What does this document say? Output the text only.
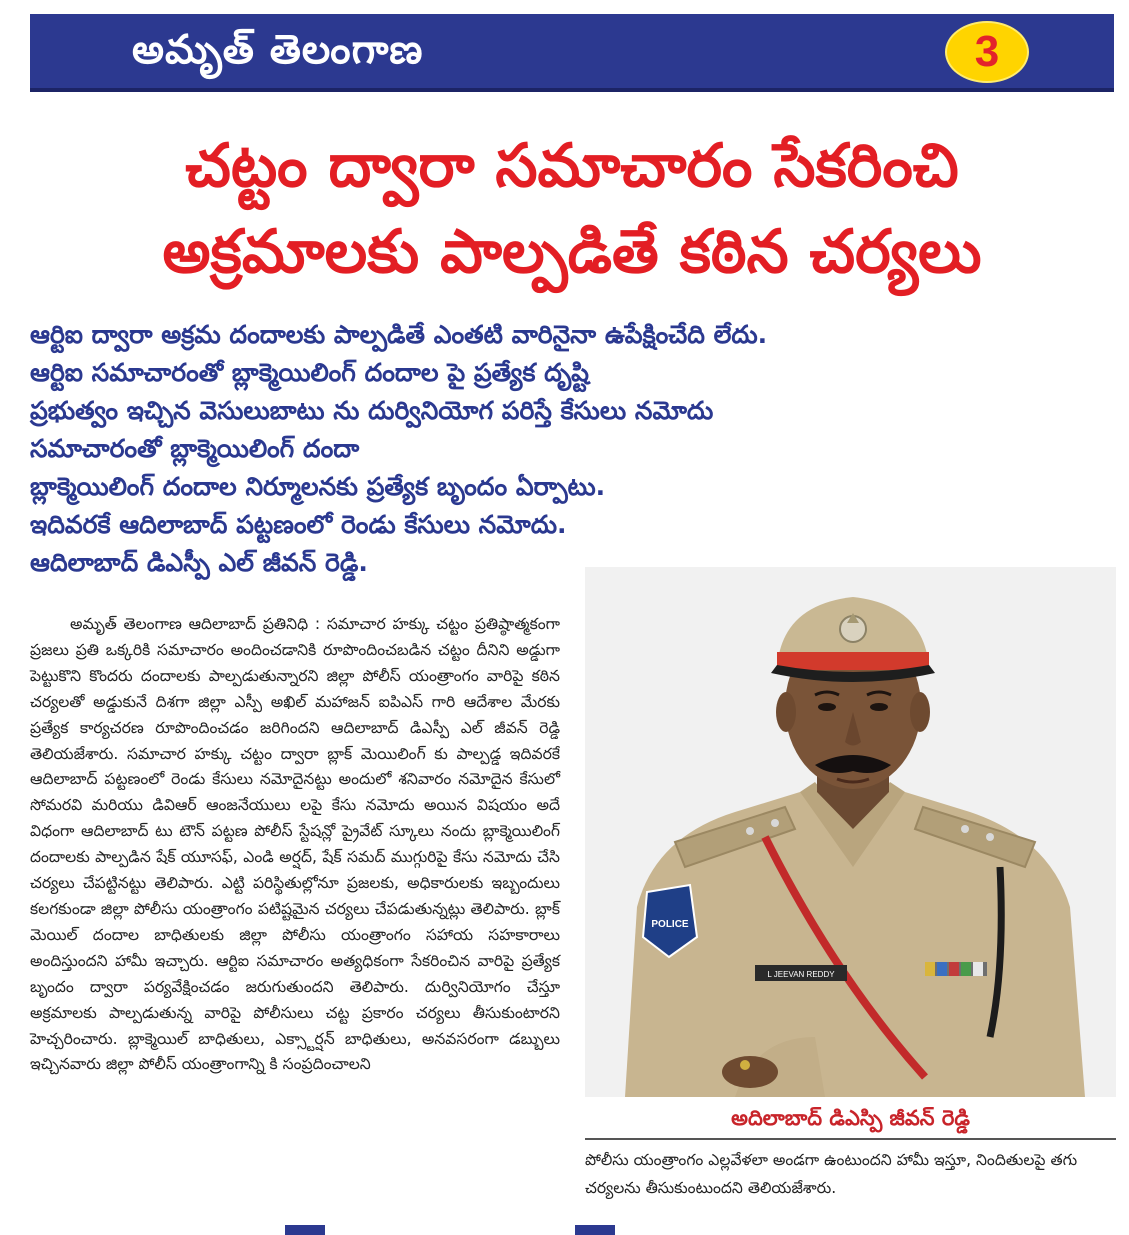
అమృత్ తెలంగాణ	3
చట్టం ద్వారా సమాచారం సేకరించి
అక్రమాలకు పాల్పడితే కఠిన చర్యలు
ఆర్టిఐ ద్వారా అక్రమ దందాలకు పాల్పడితే ఎంతటి వారినైనా ఉపేక్షించేది లేదు.
ఆర్టిఐ సమాచారంతో బ్లాక్మెయిలింగ్ దందాల పై ప్రత్యేక దృష్టి
ప్రభుత్వం ఇచ్చిన వెసులుబాటు ను దుర్వినియోగ పరిస్తే కేసులు నమోదు
సమాచారంతో బ్లాక్మెయిలింగ్ దందా
బ్లాక్మెయిలింగ్ దందాల నిర్మూలనకు ప్రత్యేక బృందం ఏర్పాటు.
ఇదివరకే ఆదిలాబాద్ పట్టణంలో రెండు కేసులు నమోదు.
ఆదిలాబాద్ డిఎస్పీ ఎల్ జీవన్ రెడ్డి.
అమృత్ తెలంగాణ ఆదిలాబాద్ ప్రతినిధి : సమాచార హక్కు చట్టం ప్రతిష్ఠాత్మకంగా ప్రజలు ప్రతి ఒక్కరికి సమాచారం అందించడానికి రూపొందించబడిన చట్టం దీనిని అడ్డుగా పెట్టుకొని కొందరు దందాలకు పాల్పడుతున్నారని జిల్లా పోలీస్ యంత్రాంగం వారిపై కఠిన చర్యలతో అడ్డుకునే దిశగా జిల్లా ఎస్పీ అఖిల్ మహాజన్ ఐపిఎస్ గారి ఆదేశాల మేరకు ప్రత్యేక కార్యచరణ రూపొందించడం జరిగిందని ఆదిలాబాద్ డిఎస్పీ ఎల్ జీవన్ రెడ్డి తెలియజేశారు. సమాచార హక్కు చట్టం ద్వారా బ్లాక్ మెయిలింగ్ కు పాల్పడ్డ ఇదివరకే ఆదిలాబాద్ పట్టణంలో రెండు కేసులు నమోదైనట్టు అందులో శనివారం నమోదైన కేసులో సోమరవి మరియు డివిఆర్ ఆంజనేయులు లపై కేసు నమోదు అయిన విషయం అదే విధంగా ఆదిలాబాద్ టు టౌన్ పట్టణ పోలీస్ స్టేషన్లో ప్రైవేట్ స్కూలు నందు బ్లాక్మెయిలింగ్ దందాలకు పాల్పడిన షేక్ యూసఫ్, ఎండి అర్షద్, షేక్ సమద్ ముగ్గురిపై కేసు నమోదు చేసి చర్యలు చేపట్టినట్టు తెలిపారు. ఎట్టి పరిస్థితుల్లోనూ ప్రజలకు, అధికారులకు ఇబ్బందులు కలగకుండా జిల్లా పోలీసు యంత్రాంగం పటిష్టమైన చర్యలు చేపడుతున్నట్లు తెలిపారు. బ్లాక్ మెయిల్ దందాల బాధితులకు జిల్లా పోలీసు యంత్రాంగం సహాయ సహకారాలు అందిస్తుందని హామీ ఇచ్చారు. ఆర్టిఐ సమాచారం అత్యధికంగా సేకరించిన వారిపై ప్రత్యేక బృందం ద్వారా పర్యవేక్షించడం జరుగుతుందని తెలిపారు. దుర్వినియోగం చేస్తూ అక్రమాలకు పాల్పడుతున్న వారిపై పోలీసులు చట్ట ప్రకారం చర్యలు తీసుకుంటారని హెచ్చరించారు. బ్లాక్మెయిల్ బాధితులు, ఎక్స్టార్షన్ బాధితులు, అనవసరంగా డబ్బులు ఇచ్చినవారు జిల్లా పోలీస్ యంత్రాంగాన్ని కి సంప్రదించాలని
POLICE
L JEEVAN REDDY
అదిలాబాద్ డిఎస్పి జీవన్ రెడ్డి
పోలీసు యంత్రాంగం ఎల్లవేళలా అండగా ఉంటుందని హామీ ఇస్తూ, నిందితులపై తగు చర్యలను తీసుకుంటుందని తెలియజేశారు.
